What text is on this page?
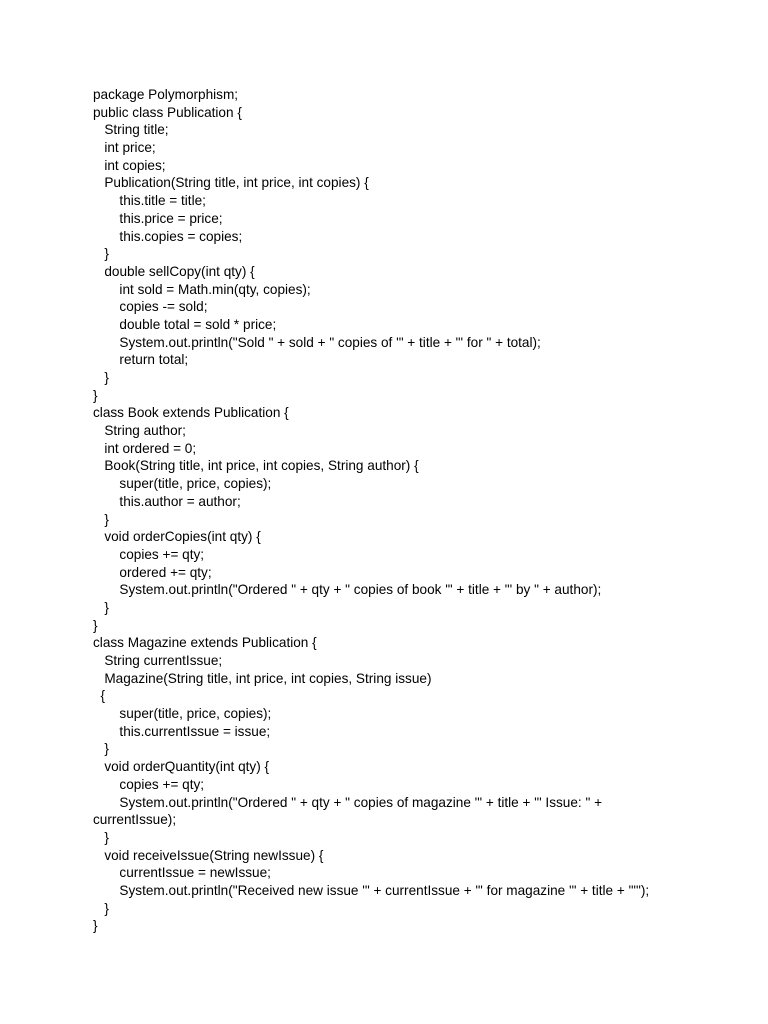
package Polymorphism;
public class Publication {
String title;
int price;
int copies;
Publication(String title, int price, int copies) {
this.title = title;
this.price = price;
this.copies = copies;
}
double sellCopy(int qty) {
int sold = Math.min(qty, copies);
copies -= sold;
double total = sold * price;
System.out.println("Sold " + sold + " copies of '" + title + "' for " + total);
return total;
}
}
class Book extends Publication {
String author;
int ordered = 0;
Book(String title, int price, int copies, String author) {
super(title, price, copies);
this.author = author;
}
void orderCopies(int qty) {
copies += qty;
ordered += qty;
System.out.println("Ordered " + qty + " copies of book '" + title + "' by " + author);
}
}
class Magazine extends Publication {
String currentIssue;
Magazine(String title, int price, int copies, String issue)
{
super(title, price, copies);
this.currentIssue = issue;
}
void orderQuantity(int qty) {
copies += qty;
System.out.println("Ordered " + qty + " copies of magazine '" + title + "' Issue: " +
currentIssue);
}
void receiveIssue(String newIssue) {
currentIssue = newIssue;
System.out.println("Received new issue '" + currentIssue + "' for magazine '" + title + "'");
}
}
